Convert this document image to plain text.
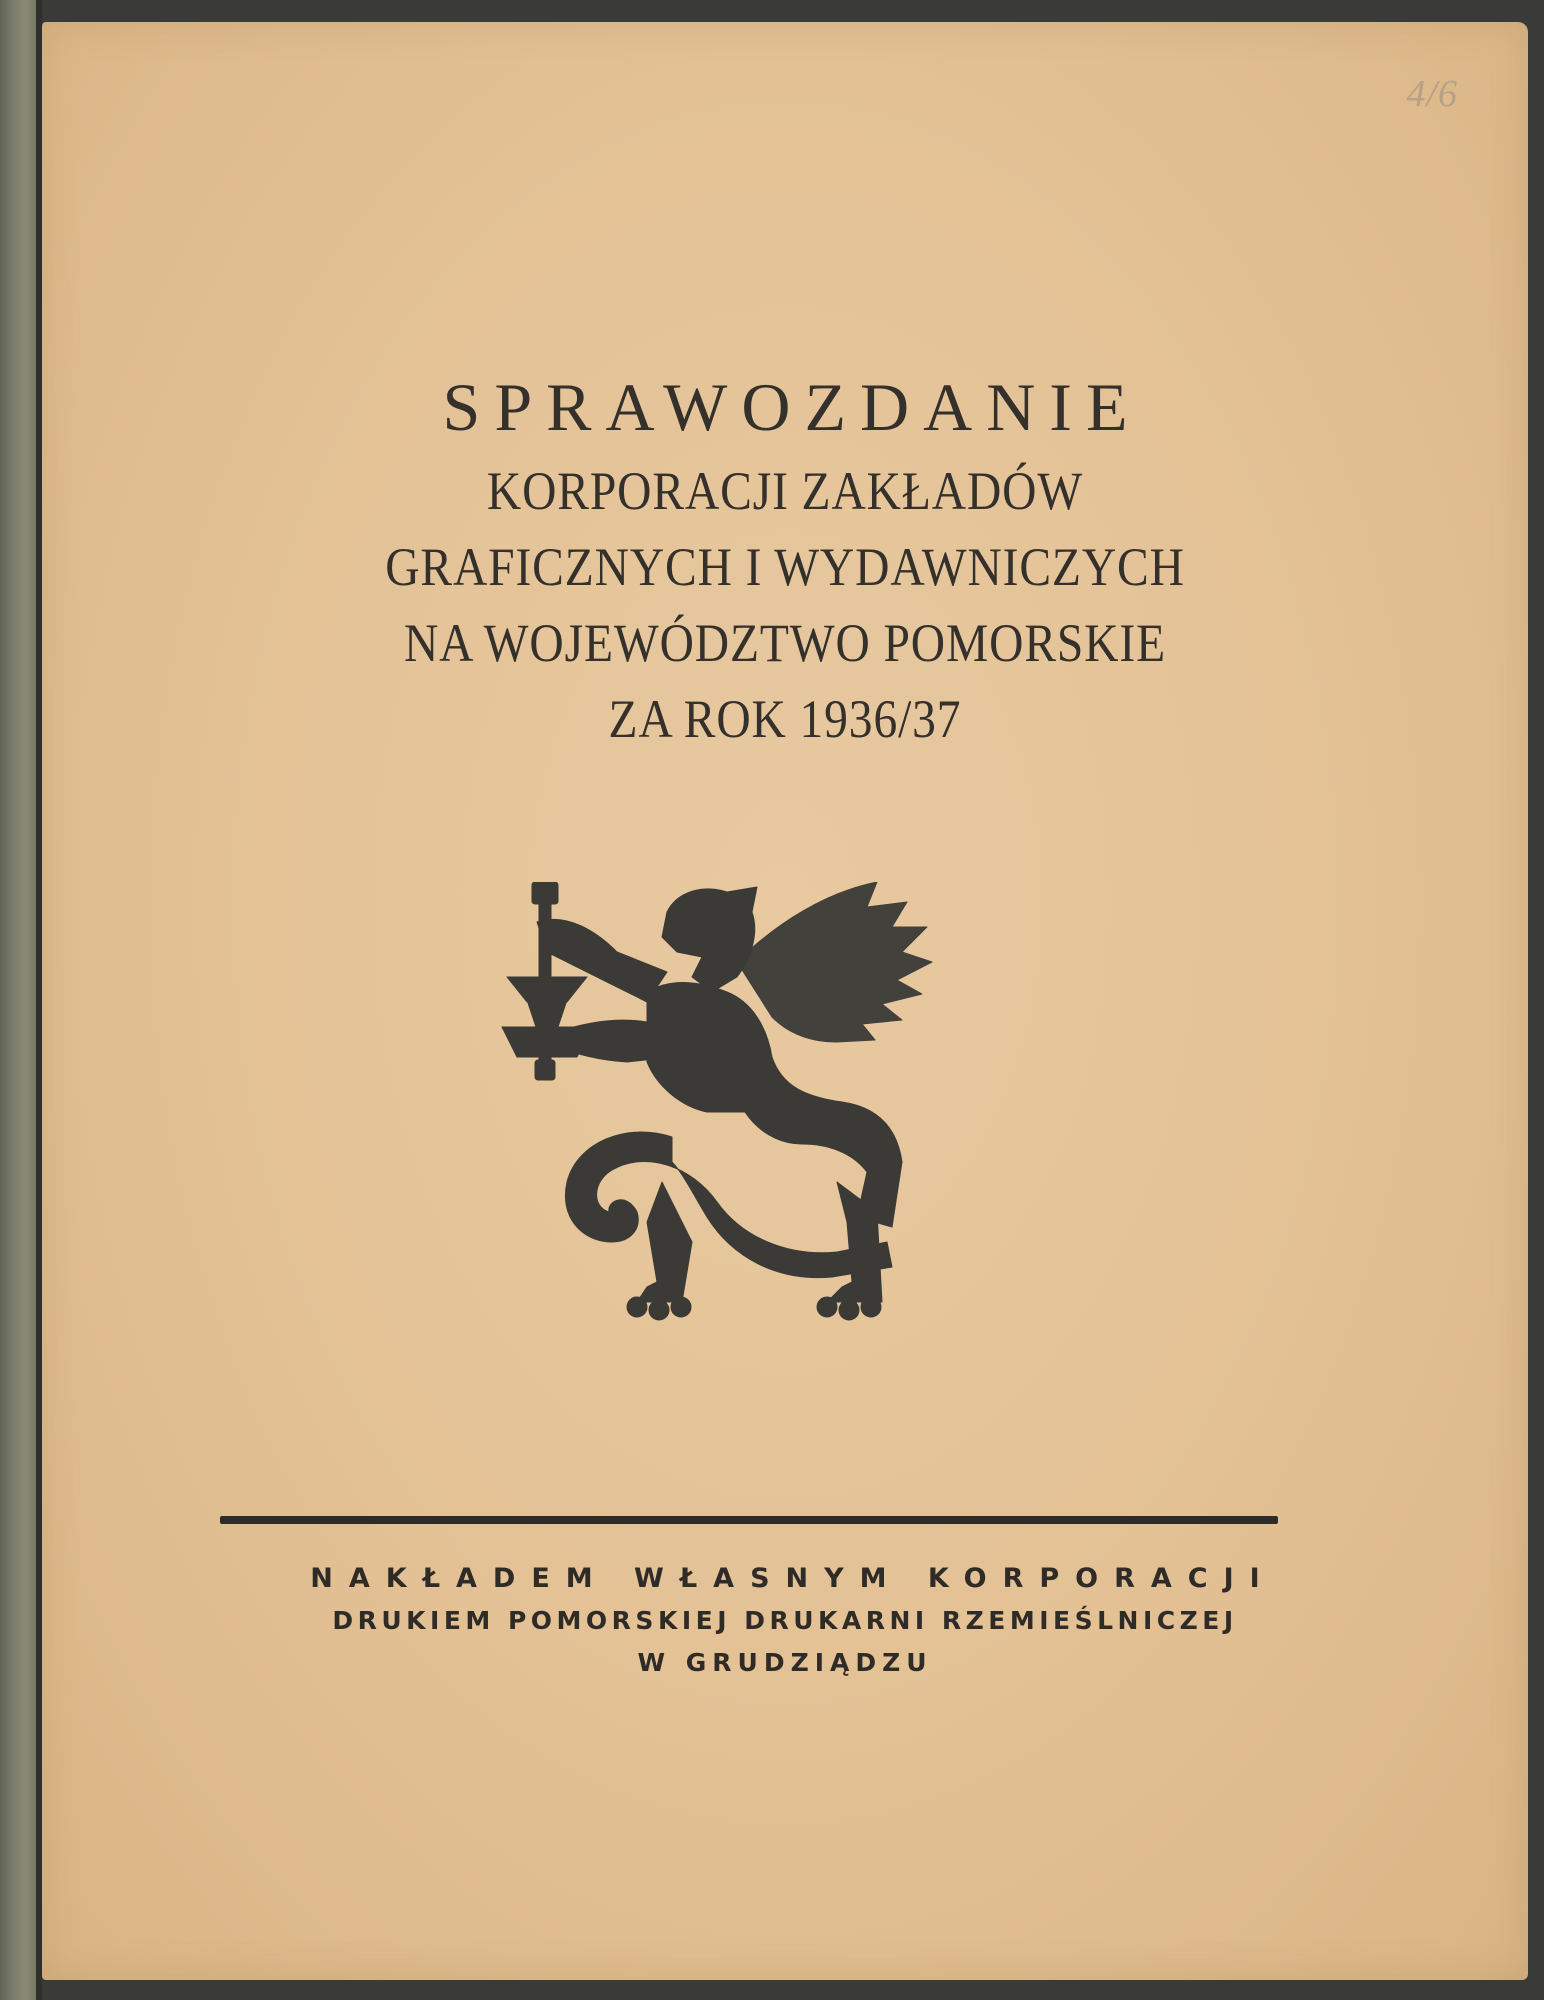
4/6
SPRAWOZDANIE
KORPORACJI ZAKŁADÓW
GRAFICZNYCH I WYDAWNICZYCH
NA WOJEWÓDZTWO POMORSKIE
ZA ROK 1936/37
NAKŁADEM WŁASNYM KORPORACJI
DRUKIEM POMORSKIEJ DRUKARNI RZEMIEŚLNICZEJ
W GRUDZIĄDZU
